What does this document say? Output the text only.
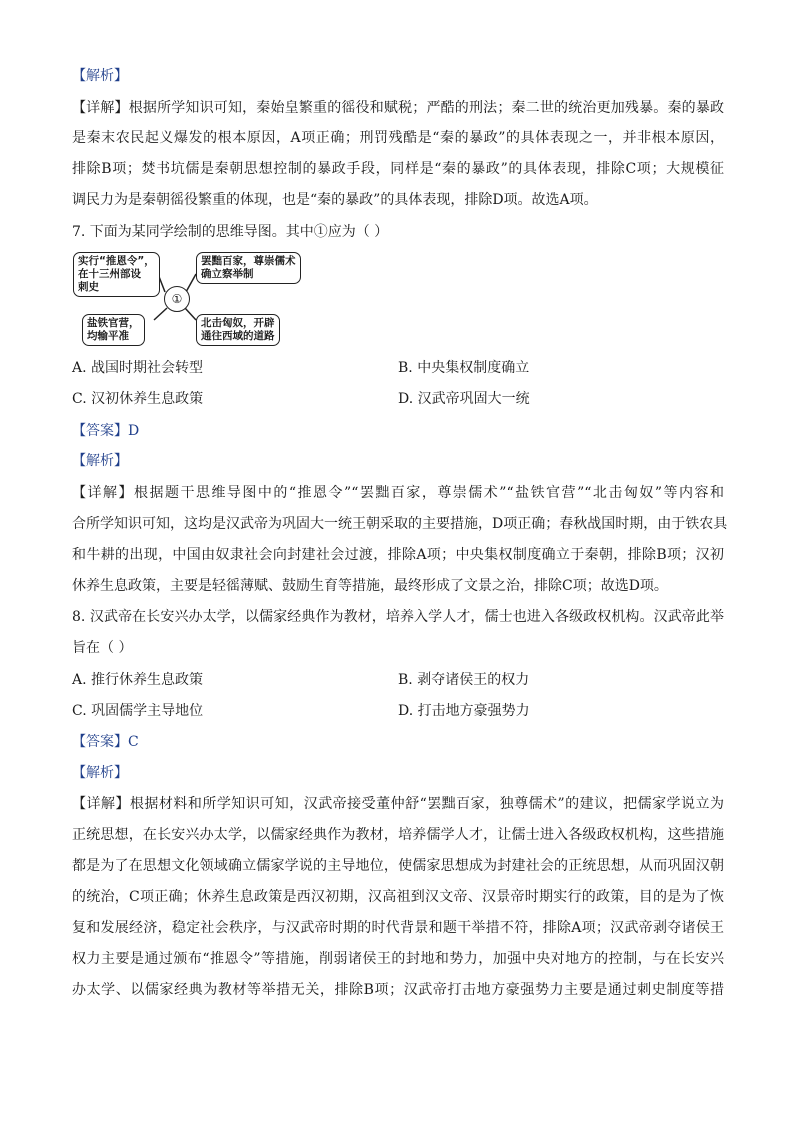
【解析】
【详解】根据所学知识可知，秦始皇繁重的徭役和赋税；严酷的刑法；秦二世的统治更加残暴。秦的暴政
是秦末农民起义爆发的根本原因，A项正确；刑罚残酷是“秦的暴政”的具体表现之一，并非根本原因，
排除B项；焚书坑儒是秦朝思想控制的暴政手段，同样是“秦的暴政”的具体表现，排除C项；大规模征
调民力为是秦朝徭役繁重的体现，也是“秦的暴政”的具体表现，排除D项。故选A项。
7. 下面为某同学绘制的思维导图。其中①应为（ ）
实行“推恩令”，
在十三州部设
刺史
罢黜百家，尊崇儒术
确立察举制
①
盐铁官营，
均输平准
北击匈奴，开辟
通往西域的道路
A. 战国时期社会转型	B. 中央集权制度确立
C. 汉初休养生息政策	D. 汉武帝巩固大一统
【答案】D
【解析】
【详解】根据题干思维导图中的“推恩令”“罢黜百家，尊崇儒术”“盐铁官营”“北击匈奴”等内容和
合所学知识可知，这均是汉武帝为巩固大一统王朝采取的主要措施，D项正确；春秋战国时期，由于铁农具
和牛耕的出现，中国由奴隶社会向封建社会过渡，排除A项；中央集权制度确立于秦朝，排除B项；汉初
休养生息政策，主要是轻徭薄赋、鼓励生育等措施，最终形成了文景之治，排除C项；故选D项。
8. 汉武帝在长安兴办太学，以儒家经典作为教材，培养入学人才，儒士也进入各级政权机构。汉武帝此举
旨在（ ）
A. 推行休养生息政策	B. 剥夺诸侯王的权力
C. 巩固儒学主导地位	D. 打击地方豪强势力
【答案】C
【解析】
【详解】根据材料和所学知识可知，汉武帝接受董仲舒“罢黜百家，独尊儒术”的建议，把儒家学说立为
正统思想，在长安兴办太学，以儒家经典作为教材，培养儒学人才，让儒士进入各级政权机构，这些措施
都是为了在思想文化领域确立儒家学说的主导地位，使儒家思想成为封建社会的正统思想，从而巩固汉朝
的统治，C项正确；休养生息政策是西汉初期，汉高祖到汉文帝、汉景帝时期实行的政策，目的是为了恢
复和发展经济，稳定社会秩序，与汉武帝时期的时代背景和题干举措不符，排除A项；汉武帝剥夺诸侯王
权力主要是通过颁布“推恩令”等措施，削弱诸侯王的封地和势力，加强中央对地方的控制，与在长安兴
办太学、以儒家经典为教材等举措无关，排除B项；汉武帝打击地方豪强势力主要是通过刺史制度等措
